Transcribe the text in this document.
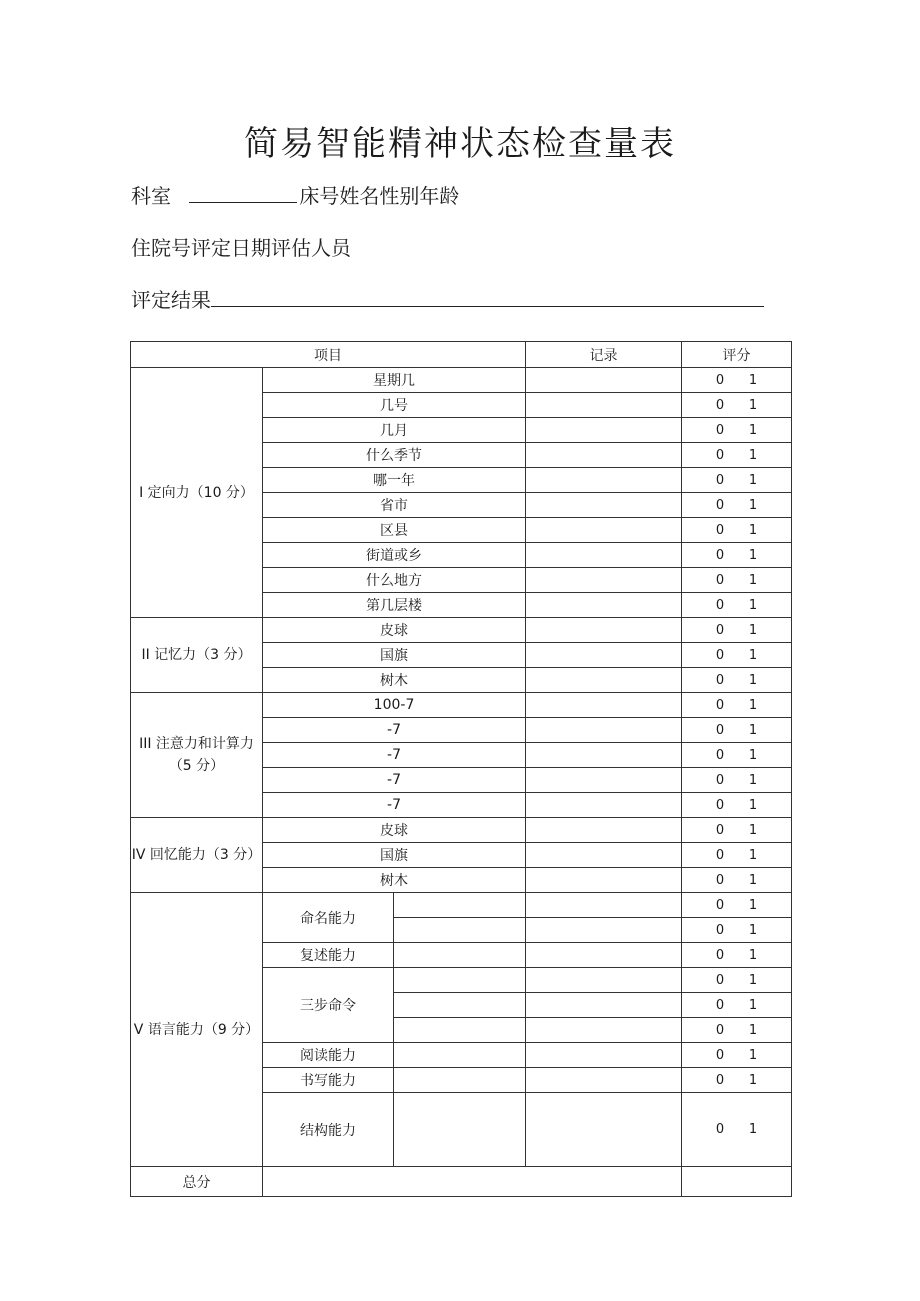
简易智能精神状态检查量表
科室	床号姓名性别年龄
住院号评定日期评估人员
评定结果
项目			记录	评分
I 定向力（10 分）	星期几			0      1
	几号			0      1
	几月			0      1
	什么季节			0      1
	哪一年			0      1
	省市			0      1
	区县			0      1
	街道或乡			0      1
	什么地方			0      1
	第几层楼			0      1
II 记忆力（3 分）	皮球			0      1
	国旗			0      1
	树木			0      1
III 注意力和计算力（5 分）	100-7			0      1
	-7			0      1
	-7			0      1
	-7			0      1
	-7			0      1
IV 回忆能力（3 分）	皮球			0      1
	国旗			0      1
	树木			0      1
V 语言能力（9 分）	命名能力			0      1
				0      1
	复述能力			0      1
	三步命令			0      1
				0      1
				0      1
	阅读能力			0      1
	书写能力			0      1
	结构能力			0      1

总分				
